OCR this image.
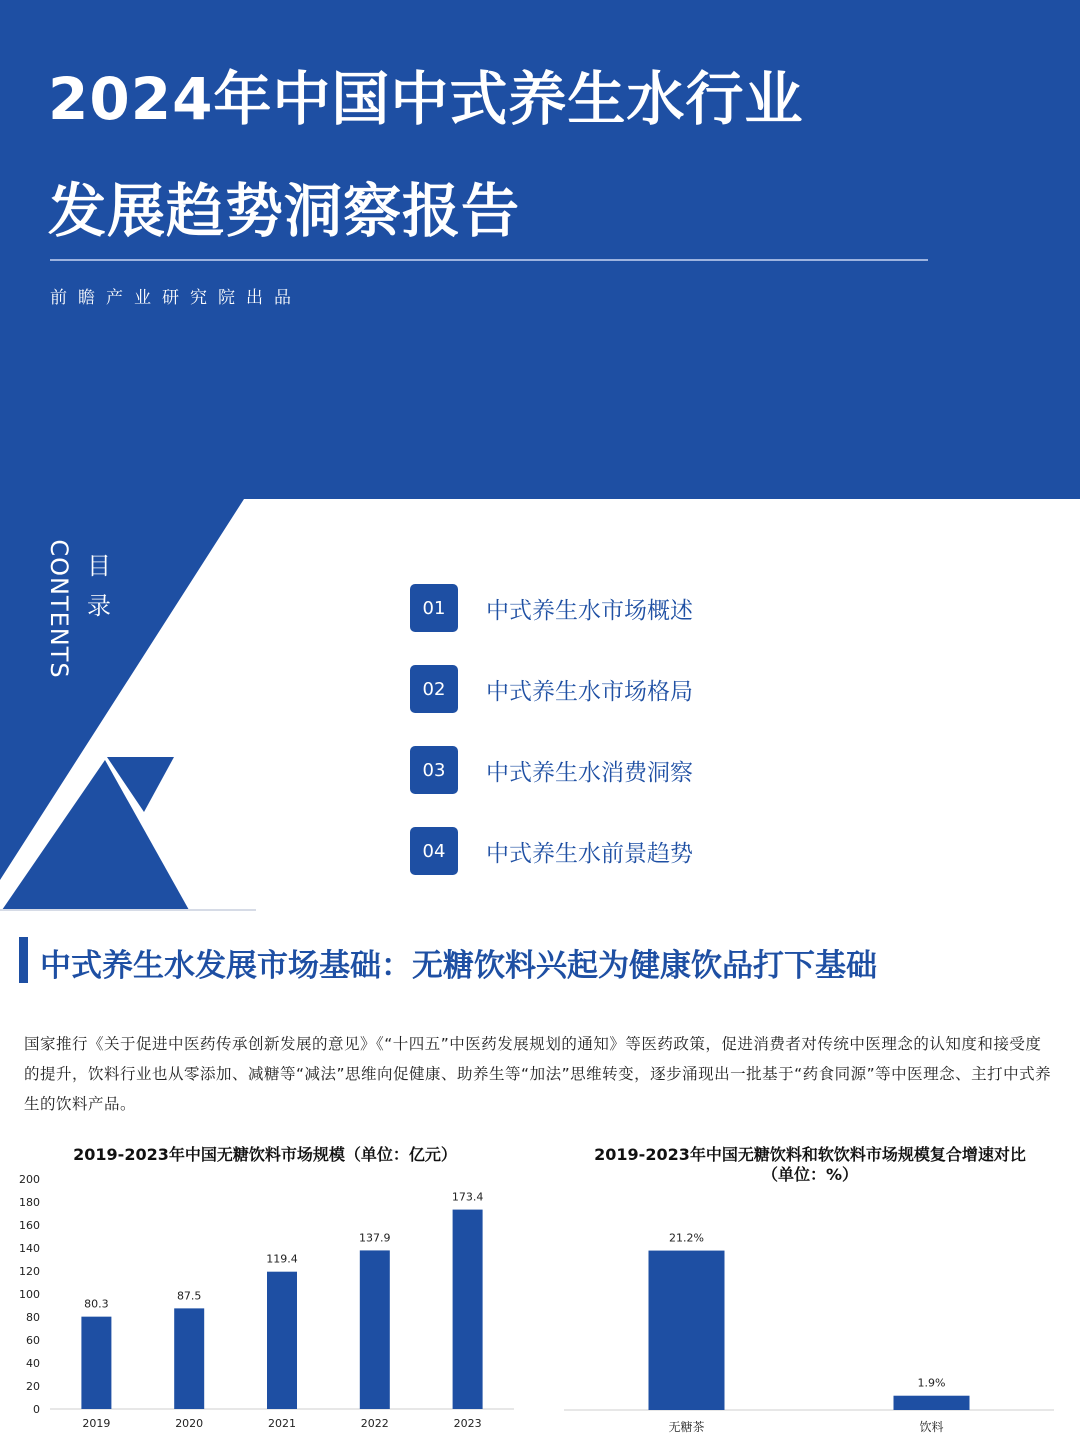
2024年中国中式养生水行业
发展趋势洞察报告
前瞻产业研究院出品
CONTENTS 目录	01	中式养生水市场概述
02	中式养生水市场格局
03	中式养生水消费洞察
04	中式养生水前景趋势
中式养生水发展市场基础：无糖饮料兴起为健康饮品打下基础

国家推行《关于促进中医药传承创新发展的意见》《“十四五”中医药发展规划的通知》等医药政策，促进消费者对传统中医理念的认知度和接受度的提升，饮料行业也从零添加、减糖等“减法”思维向促健康、助养生等“加法”思维转变，逐步涌现出一批基于“药食同源”等中医理念、主打中式养生的饮料产品。

2019-2023年中国无糖饮料市场规模（单位：亿元）
0
20
40
60
80
100
120
140
160
180
200
80.3
2019
87.5
2020
119.4
2021
137.9
2022
173.4
2023
2019-2023年中国无糖饮料和软饮料市场规模复合增速对比
（单位：%）
21.2%
无糖茶
1.9%
饮料
